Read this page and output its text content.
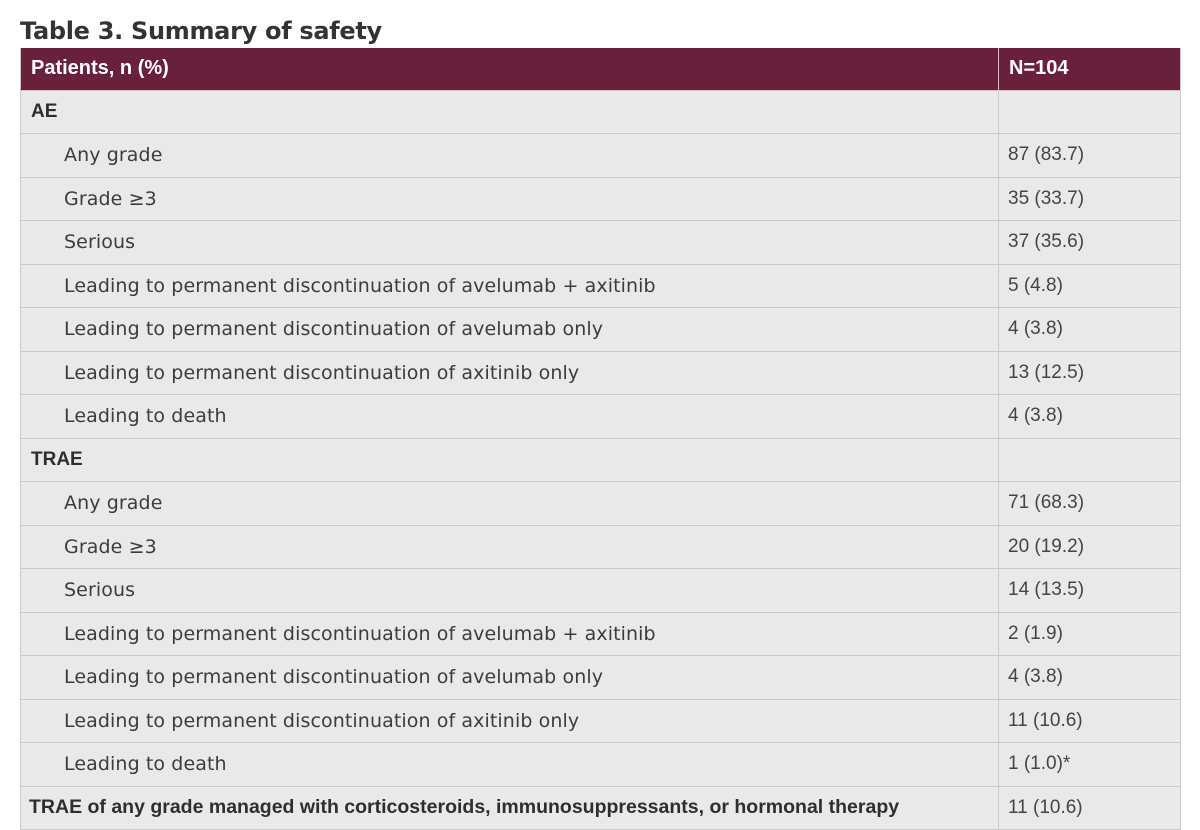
Table 3. Summary of safety
Patients, n (%)	N=104
AE	
Any grade	87 (83.7)
Grade ≥3	35 (33.7)
Serious	37 (35.6)
Leading to permanent discontinuation of avelumab + axitinib	5 (4.8)
Leading to permanent discontinuation of avelumab only	4 (3.8)
Leading to permanent discontinuation of axitinib only	13 (12.5)
Leading to death	4 (3.8)
TRAE	
Any grade	71 (68.3)
Grade ≥3	20 (19.2)
Serious	14 (13.5)
Leading to permanent discontinuation of avelumab + axitinib	2 (1.9)
Leading to permanent discontinuation of avelumab only	4 (3.8)
Leading to permanent discontinuation of axitinib only	11 (10.6)
Leading to death	1 (1.0)*
TRAE of any grade managed with corticosteroids, immunosuppressants, or hormonal therapy	11 (10.6)
